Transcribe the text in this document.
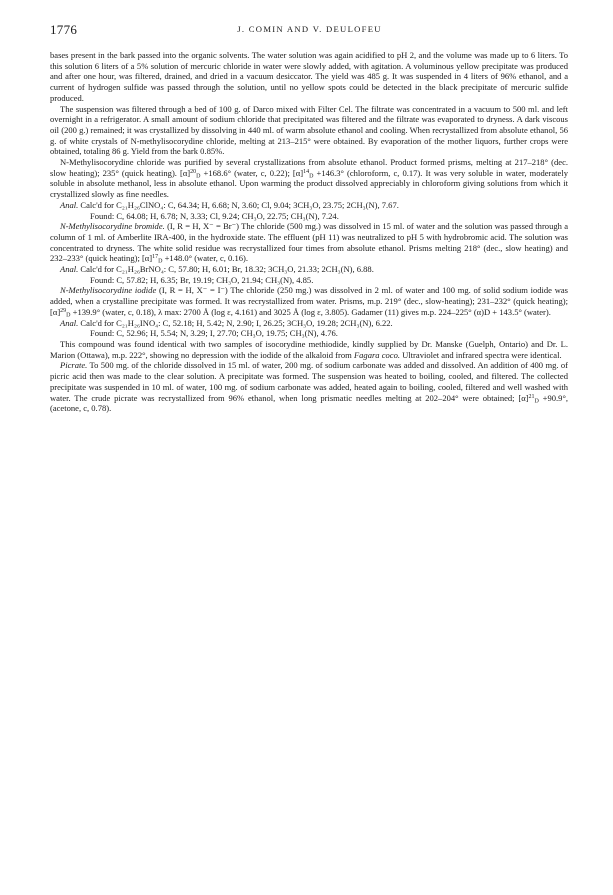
1776	J. COMIN AND V. DEULOFEU

bases present in the bark passed into the organic solvents. The water solution was again acidified to pH 2, and the volume was made up to 6 liters. To this solution 6 liters of a 5% solution of mercuric chloride in water were slowly added, with agitation. A voluminous yellow precipitate was produced and after one hour, was filtered, drained, and dried in a vacuum desiccator. The yield was 485 g. It was suspended in 4 liters of 96% ethanol, and a current of hydrogen sulfide was passed through the solution, until no yellow spots could be detected in the black precipitate of mercuric sulfide produced.

The suspension was filtered through a bed of 100 g. of Darco mixed with Filter Cel. The filtrate was concentrated in a vacuum to 500 ml. and left overnight in a refrigerator. A small amount of sodium chloride that precipitated was filtered and the filtrate was evaporated to dryness. A dark viscous oil (200 g.) remained; it was crystallized by dissolving in 440 ml. of warm absolute ethanol and cooling. When recrystallized from absolute ethanol, 56 g. of white crystals of N-methylisocorydine chloride, melting at 213–215° were obtained. By evaporation of the mother liquors, further crops were obtained, totaling 86 g. Yield from the bark 0.85%.

N-Methylisocorydine chloride was purified by several crystallizations from absolute ethanol. Product formed prisms, melting at 217–218° (dec. slow heating); 235° (quick heating). $[\alpha]^{20}_D +168.6^\circ$ (water, c, 0.22); $[\alpha]^{14}_D +146.3^\circ$ (chloroform, c, 0.17). It was very soluble in water, moderately soluble in absolute methanol, less in absolute ethanol. Upon warming the product dissolved appreciably in chloroform giving solutions from which it crystallized slowly as fine needles.

Anal. Calc'd for C₂₁H₂₆ClNO₄: C, 64.34; H, 6.68; N, 3.60; Cl, 9.04; 3CH₃O, 23.75; 2CH₃(N), 7.67.

Found: C, 64.08; H, 6.78; N, 3.33; Cl, 9.24; CH₃O, 22.75; CH₃(N), 7.24.

N-Methylisocorydine bromide. (I, R = H, X⁻ = Br⁻) The chloride (500 mg.) was dissolved in 15 ml. of water and the solution was passed through a column of 1 ml. of Amberlite IRA-400, in the hydroxide state. The effluent (pH 11) was neutralized to pH 5 with hydrobromic acid. The solution was concentrated to dryness. The white solid residue was recrystallized four times from absolute ethanol. Prisms melting 218° (dec., slow heating) and 232–233° (quick heating); $[\alpha]^{17}_D +148.0^\circ$ (water, c, 0.16).

Anal. Calc'd for C₂₁H₂₆BrNO₄: C, 57.80; H, 6.01; Br, 18.32; 3CH₃O, 21.33; 2CH₃(N), 6.88.

Found: C, 57.82; H, 6.35; Br, 19.19; CH₃O, 21.94; CH₃(N), 4.85.

N-Methylisocorydine iodide (I, R = H, X⁻ = I⁻) The chloride (250 mg.) was dissolved in 2 ml. of water and 100 mg. of solid sodium iodide was added, when a crystalline precipitate was formed. It was recrystallized from water. Prisms, m.p. 219° (dec., slow-heating); 231–232° (quick heating); $[\alpha]^{29}_D +139.9^\circ$ (water, c, 0.18), λ max: 2700 Å (log ε, 4.161) and 3025 Å (log ε, 3.805). Gadamer (11) gives m.p. 224–225° (α)D + 143.5° (water).

Anal. Calc'd for C₂₁H₂₆INO₄: C, 52.18; H, 5.42; N, 2.90; I, 26.25; 3CH₃O, 19.28; 2CH₃(N), 6.22.

Found: C, 52.96; H, 5.54; N, 3.29; I, 27.70; CH₃O, 19.75; CH₃(N), 4.76.

This compound was found identical with two samples of isocorydine methiodide, kindly supplied by Dr. Manske (Guelph, Ontario) and Dr. L. Marion (Ottawa), m.p. 222°, showing no depression with the iodide of the alkaloid from Fagara coco. Ultraviolet and infrared spectra were identical.

Picrate. To 500 mg. of the chloride dissolved in 15 ml. of water, 200 mg. of sodium carbonate was added and dissolved. An addition of 400 mg. of picric acid then was made to the clear solution. A precipitate was formed. The suspension was heated to boiling, cooled, and filtered. The collected precipitate was suspended in 10 ml. of water, 100 mg. of sodium carbonate was added, heated again to boiling, cooled, filtered and well washed with water. The crude picrate was recrystallized from 96% ethanol, when long prismatic needles melting at 202–204° were obtained; $[\alpha]^{21}_D +90.9^\circ$, (acetone, c, 0.78).
